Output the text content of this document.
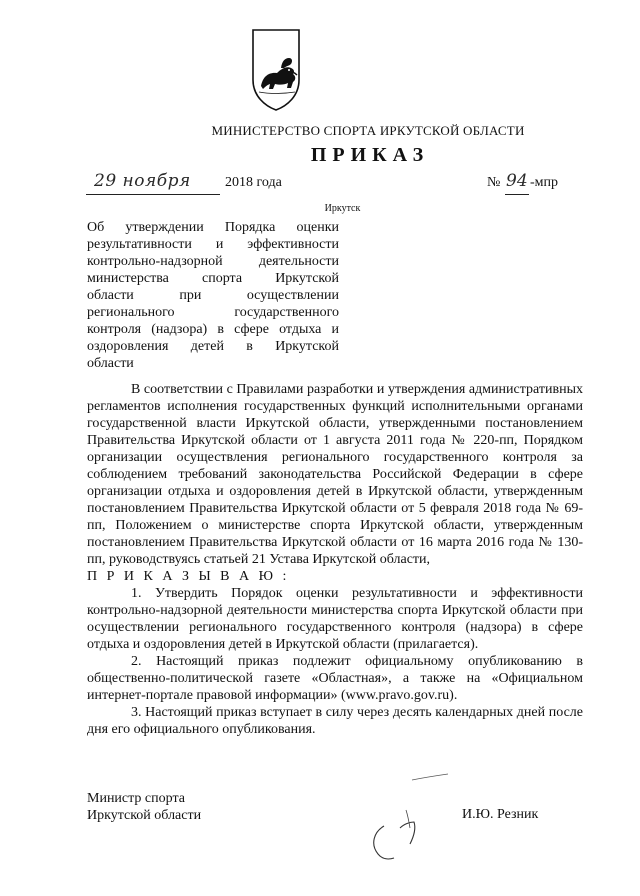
МИНИСТЕРСТВО СПОРТА ИРКУТСКОЙ ОБЛАСТИ
ПРИКАЗ
29 ноября 2018 года	№ 94 -мпр
Иркутск
Об утверждении Порядка оценки
результативности и эффективности
контрольно-надзорной деятельности
министерства спорта Иркутской
области при осуществлении
регионального государственного
контроля (надзора) в сфере отдыха и
оздоровления детей в Иркутской
области

В соответствии с Правилами разработки и утверждения административных регламентов исполнения государственных функций исполнительными органами государственной власти Иркутской области, утвержденными постановлением Правительства Иркутской области от 1 августа 2011 года № 220-пп, Порядком организации осуществления регионального государственного контроля за соблюдением требований законодательства Российской Федерации в сфере организации отдыха и оздоровления детей в Иркутской области, утвержденным постановлением Правительства Иркутской области от 5 февраля 2018 года № 69-пп, Положением о министерстве спорта Иркутской области, утвержденным постановлением Правительства Иркутской области от 16 марта 2016 года № 130-пп, руководствуясь статьей 21 Устава Иркутской области,

П Р И К А З Ы В А Ю :

1. Утвердить Порядок оценки результативности и эффективности контрольно-надзорной деятельности министерства спорта Иркутской области при осуществлении регионального государственного контроля (надзора) в сфере отдыха и оздоровления детей в Иркутской области (прилагается).

2. Настоящий приказ подлежит официальному опубликованию в общественно-политической газете «Областная», а также на «Официальном интернет-портале правовой информации» (www.pravo.gov.ru).

3. Настоящий приказ вступает в силу через десять календарных дней после дня его официального опубликования.

Министр спорта
Иркутской области	И.Ю. Резник
